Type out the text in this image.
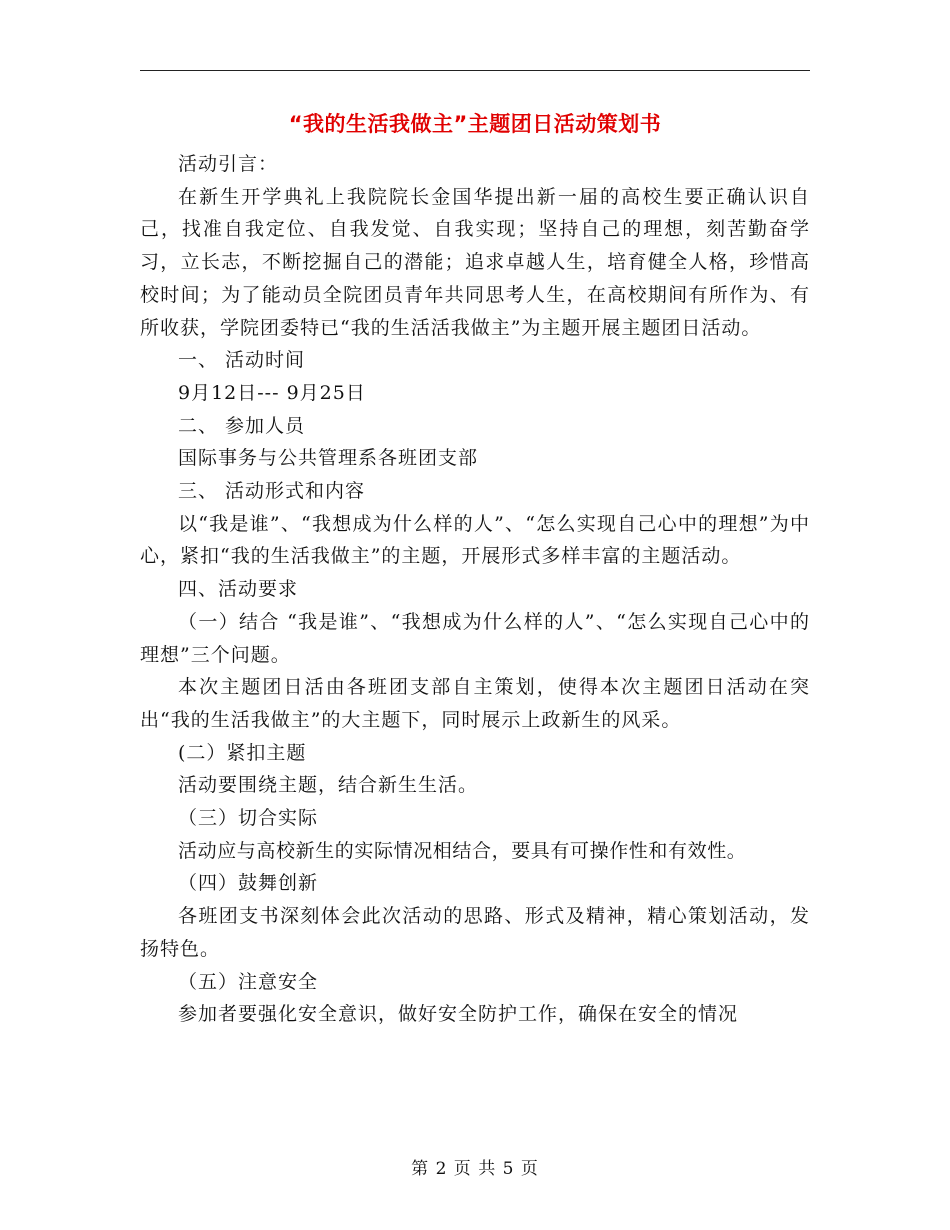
“我的生活我做主”主题团日活动策划书

活动引言：

在新生开学典礼上我院院长金国华提出新一届的高校生要正确认识自己，找准自我定位、自我发觉、自我实现；坚持自己的理想，刻苦勤奋学习，立长志，不断挖掘自己的潜能；追求卓越人生，培育健全人格，珍惜高校时间；为了能动员全院团员青年共同思考人生，在高校期间有所作为、有所收获，学院团委特已“我的生活活我做主”为主题开展主题团日活动。

一、 活动时间

9月12日--- 9月25日

二、 参加人员

国际事务与公共管理系各班团支部

三、 活动形式和内容

以“我是谁”、“我想成为什么样的人”、“怎么实现自己心中的理想”为中心，紧扣“我的生活我做主”的主题，开展形式多样丰富的主题活动。

四、活动要求

（一）结合 “我是谁”、“我想成为什么样的人”、“怎么实现自己心中的理想”三个问题。

本次主题团日活由各班团支部自主策划，使得本次主题团日活动在突出“我的生活我做主”的大主题下，同时展示上政新生的风采。

(二）紧扣主题

活动要围绕主题，结合新生生活。

（三）切合实际

活动应与高校新生的实际情况相结合，要具有可操作性和有效性。

（四）鼓舞创新

各班团支书深刻体会此次活动的思路、形式及精神，精心策划活动，发扬特色。

（五）注意安全

参加者要强化安全意识，做好安全防护工作，确保在安全的情况

第 2 页 共 5 页
